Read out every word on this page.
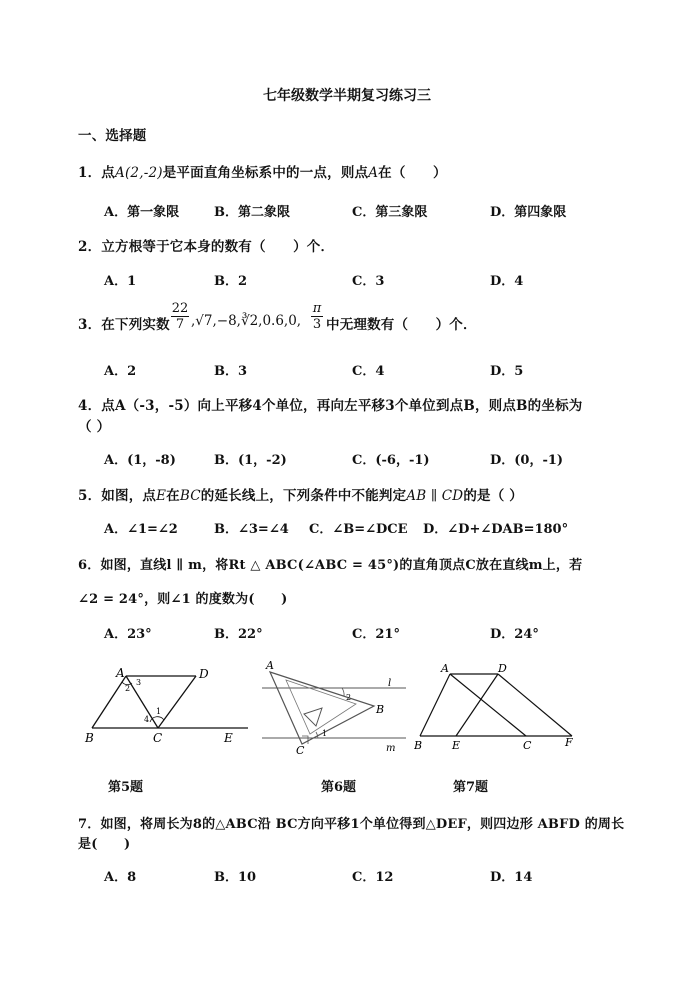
七年级数学半期复习练习三
一、选择题
1．点A(2,-2)是平面直角坐标系中的一点，则点A在（　　）
A．第一象限	B．第二象限	C．第三象限	D．第四象限
2．立方根等于它本身的数有（　　）个．
A．1	B．2	C．3	D．4
3．在下列实数 $\frac{22}{7}$ ,√7,−8,∛2,0.6,0, $\frac{\pi}{3}$ 中无理数有（　　）个．
A．2	B．3	C．4	D．5
4．点A（-3，-5）向上平移4个单位，再向左平移3个单位到点B，则点B的坐标为
（ ）
A．(1，-8)	B．(1，-2)	C．(-6，-1)	D．(0，-1)
5．如图，点E在BC的延长线上，下列条件中不能判定AB ∥ CD的是（ ）
A．∠1=∠2	B．∠3=∠4 C．∠B=∠DCE D．∠D+∠DAB=180°
6．如图，直线l ∥ m，将Rt △ ABC(∠ABC = 45°)的直角顶点C放在直线m上，若
∠2 = 24°，则∠1 的度数为(　　)
A．23°	B．22°	C．21°	D．24°
A	D
B	C	E
1
2
3
4
第5题
A
B
C
l
m
1
2
第6题
A	D
B	E	C	F
第7题
7．如图，将周长为8的△ABC沿 BC方向平移1个单位得到△DEF，则四边形 ABFD 的周长
是(　　)
A．8	B．10	C．12	D．14
